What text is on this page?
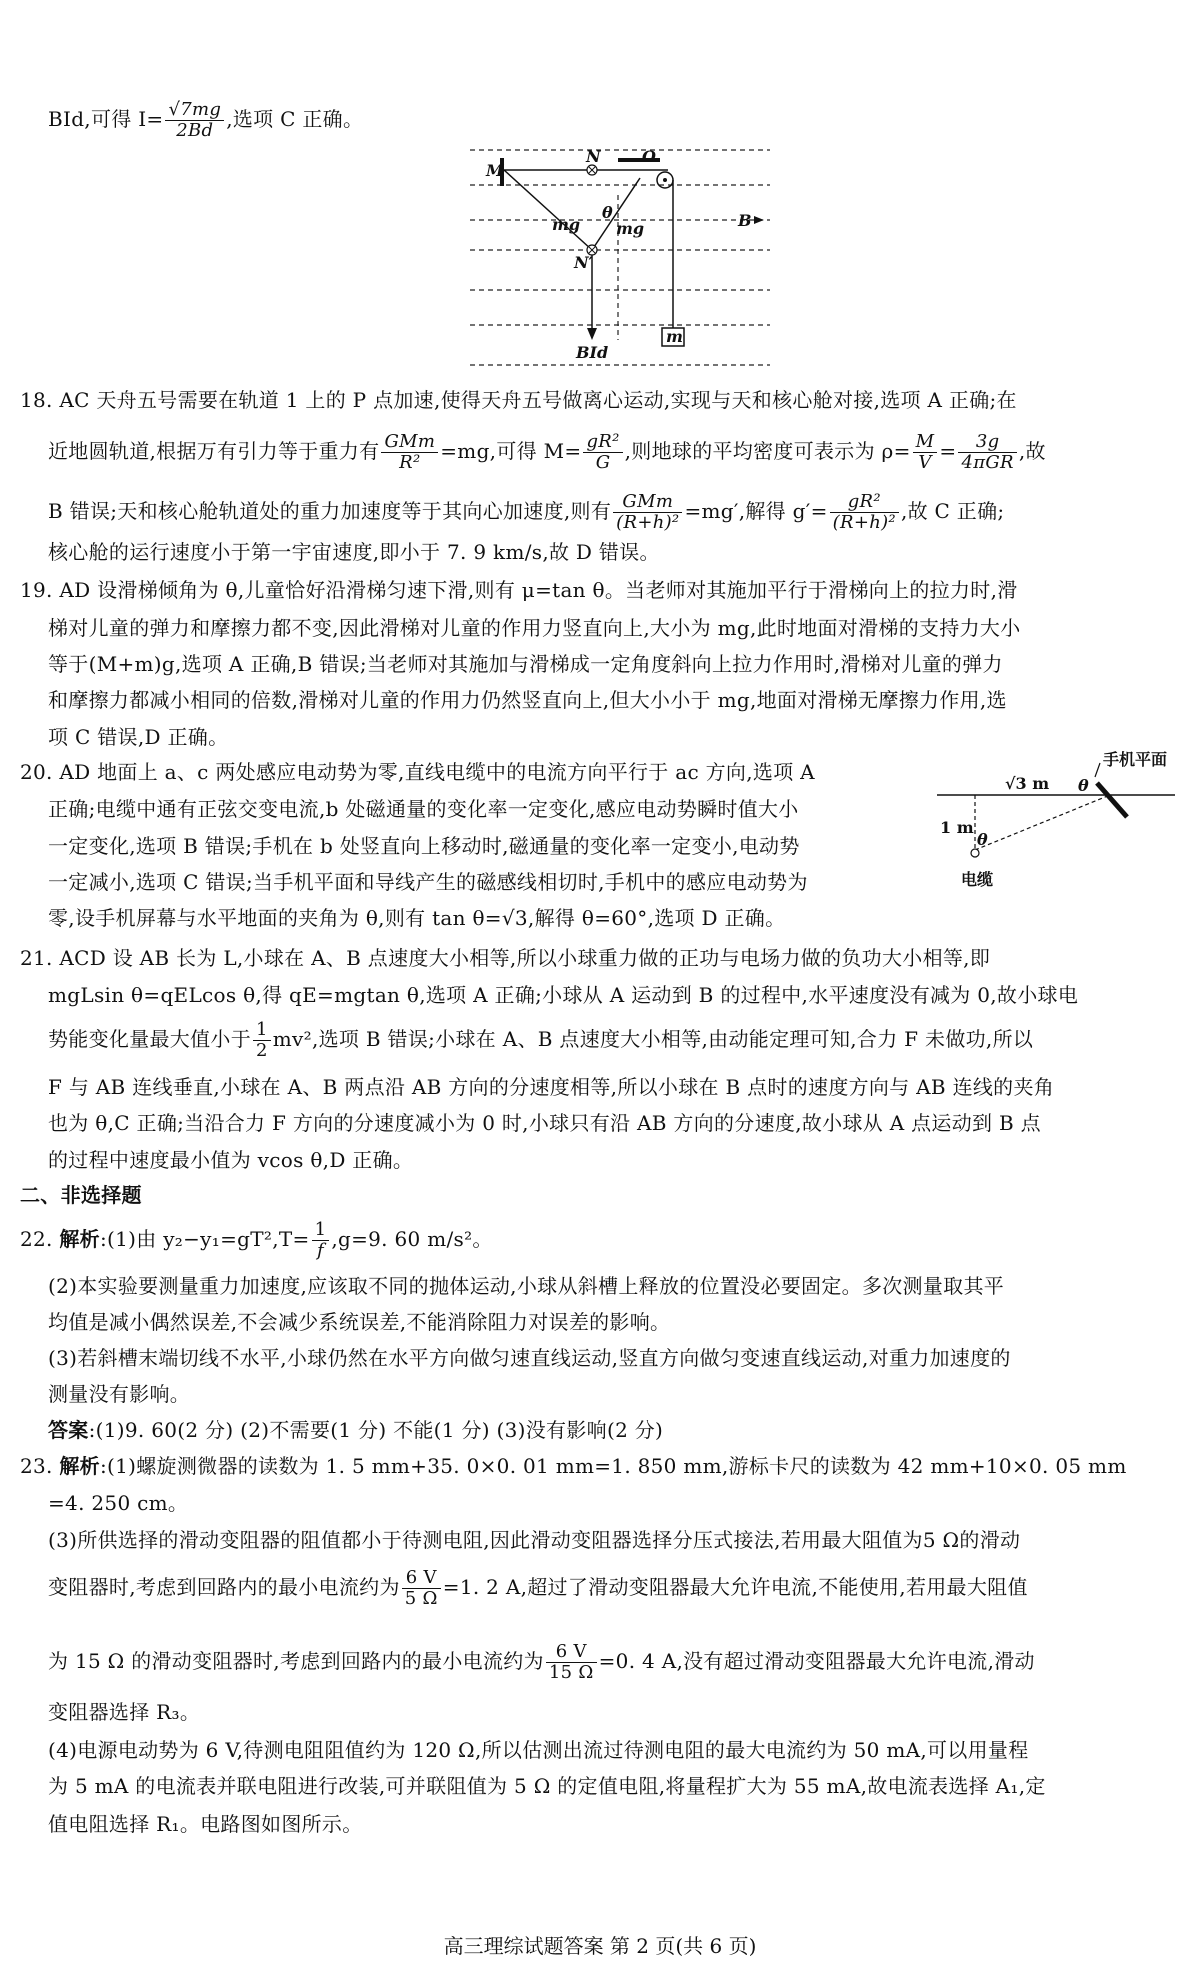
BId,可得 $I= \frac{√7mg}{2Bd}$ ,选项 C 正确。
M
N	O
θ
mg mg
N′
B
BId
m
18. AC 天舟五号需要在轨道 1 上的 P 点加速,使得天舟五号做离心运动,实现与天和核心舱对接,选项 A 正确;在
近地圆轨道,根据万有引力等于重力有 $\frac{\text{GMm}}{\text{R²}} =mg$,可得 $M= \frac{\text{gR²}}{G}$ ,则地球的平均密度可表示为 $\rho= \frac{M}{V} = \frac{3g}{\text{4πGR}}$ ,故
B 错误;天和核心舱轨道处的重力加速度等于其向心加速度,则有 $\frac{\text{GMm}}{\text{(R+h)²}} =mg'$,解得 $g'= \frac{\text{gR²}}{\text{(R+h)²}}$ ,故 C 正确;
核心舱的运行速度小于第一宇宙速度,即小于 7. 9 km/s,故 D 错误。
19. AD 设滑梯倾角为 θ,儿童恰好沿滑梯匀速下滑,则有 μ=tan θ。当老师对其施加平行于滑梯向上的拉力时,滑
梯对儿童的弹力和摩擦力都不变,因此滑梯对儿童的作用力竖直向上,大小为 mg,此时地面对滑梯的支持力大小
等于(M+m)g,选项 A 正确,B 错误;当老师对其施加与滑梯成一定角度斜向上拉力作用时,滑梯对儿童的弹力
和摩擦力都减小相同的倍数,滑梯对儿童的作用力仍然竖直向上,但大小小于 mg,地面对滑梯无摩擦力作用,选
项 C 错误,D 正确。
20. AD 地面上 a、c 两处感应电动势为零,直线电缆中的电流方向平行于 ac 方向,选项 A
正确;电缆中通有正弦交变电流,b 处磁通量的变化率一定变化,感应电动势瞬时值大小
一定变化,选项 B 错误;手机在 b 处竖直向上移动时,磁通量的变化率一定变小,电动势
一定减小,选项 C 错误;当手机平面和导线产生的磁感线相切时,手机中的感应电动势为
零,设手机屏幕与水平地面的夹角为 θ,则有 tan θ=√3,解得 θ=60°,选项 D 正确。
手机平面
√3 m
1 m
θ
θ
电缆
21. ACD 设 AB 长为 L,小球在 A、B 点速度大小相等,所以小球重力做的正功与电场力做的负功大小相等,即
mgLsin θ=qELcos θ,得 qE=mgtan θ,选项 A 正确;小球从 A 运动到 B 的过程中,水平速度没有减为 0,故小球电
势能变化量最大值小于 $\frac{1}{2} mv^2$,选项 B 错误;小球在 A、B 点速度大小相等,由动能定理可知,合力 F 未做功,所以
F 与 AB 连线垂直,小球在 A、B 两点沿 AB 方向的分速度相等,所以小球在 B 点时的速度方向与 AB 连线的夹角
也为 θ,C 正确;当沿合力 F 方向的分速度减小为 0 时,小球只有沿 AB 方向的分速度,故小球从 A 点运动到 B 点
的过程中速度最小值为 vcos θ,D 正确。
二、非选择题
22. 解析:(1)由 $y_2-y_1=gT^2,T= \frac{1}{f} ,g=9$. 60 m/s²。
(2)本实验要测量重力加速度,应该取不同的抛体运动,小球从斜槽上释放的位置没必要固定。多次测量取其平
均值是减小偶然误差,不会减少系统误差,不能消除阻力对误差的影响。
(3)若斜槽末端切线不水平,小球仍然在水平方向做匀速直线运动,竖直方向做匀变速直线运动,对重力加速度的
测量没有影响。
答案:(1)9. 60(2 分) (2)不需要(1 分) 不能(1 分) (3)没有影响(2 分)
23. 解析:(1)螺旋测微器的读数为 1. 5 mm+35. 0×0. 01 mm=1. 850 mm,游标卡尺的读数为 42 mm+10×0. 05 mm
=4. 250 cm。
(3)所供选择的滑动变阻器的阻值都小于待测电阻,因此滑动变阻器选择分压式接法,若用最大阻值为5 Ω的滑动
变阻器时,考虑到回路内的最小电流约为 $\frac{6 V}{5 \Omega} =1$. 2 A,超过了滑动变阻器最大允许电流,不能使用,若用最大阻值
为 15 Ω 的滑动变阻器时,考虑到回路内的最小电流约为 $\frac{6 V}{15 \Omega} =0$. 4 A,没有超过滑动变阻器最大允许电流,滑动
变阻器选择 R₃。
(4)电源电动势为 6 V,待测电阻阻值约为 120 Ω,所以估测出流过待测电阻的最大电流约为 50 mA,可以用量程
为 5 mA 的电流表并联电阻进行改装,可并联阻值为 5 Ω 的定值电阻,将量程扩大为 55 mA,故电流表选择 A₁,定
值电阻选择 R₁。电路图如图所示。
高三理综试题答案 第 2 页(共 6 页)
